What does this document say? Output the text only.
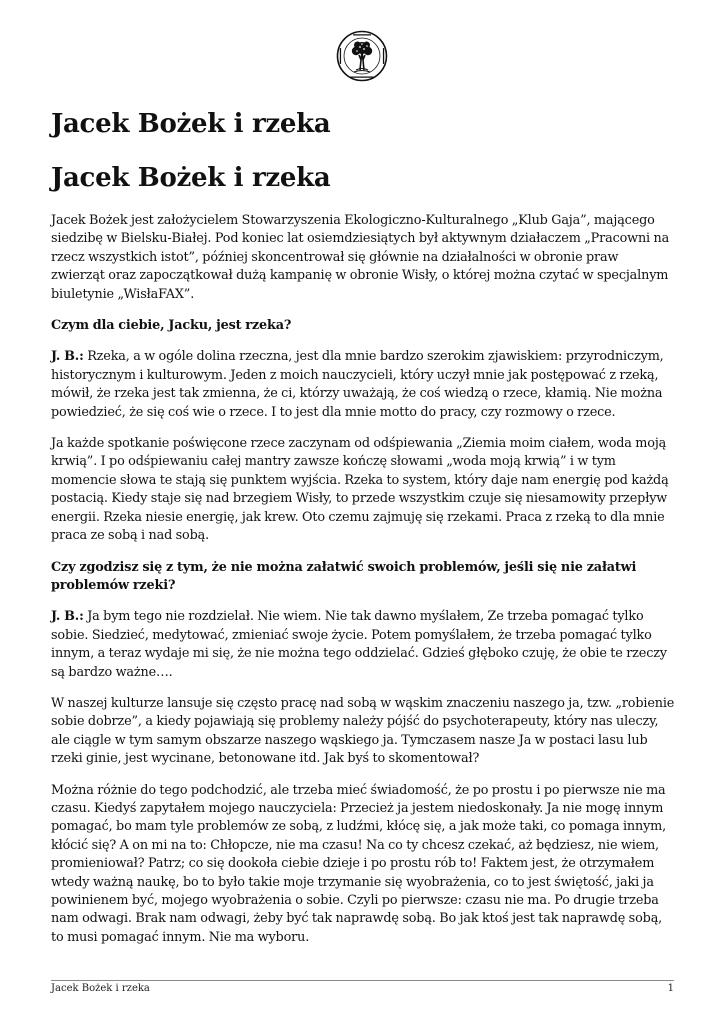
Jacek Bożek i rzeka
Jacek Bożek i rzeka

Jacek Bożek jest założycielem Stowarzyszenia Ekologiczno-Kulturalnego „Klub Gaja”, mającego siedzibę w Bielsku-Białej. Pod koniec lat osiemdziesiątych był aktywnym działaczem „Pracowni na rzecz wszystkich istot”, później skoncentrował się głównie na działalności w obronie praw zwierząt oraz zapoczątkował dużą kampanię w obronie Wisły, o której można czytać w specjalnym biuletynie „WisłaFAX”.

Czym dla ciebie, Jacku, jest rzeka?

J. B.: Rzeka, a w ogóle dolina rzeczna, jest dla mnie bardzo szerokim zjawiskiem: przyrodniczym, historycznym i kulturowym. Jeden z moich nauczycieli, który uczył mnie jak postępować z rzeką, mówił, że rzeka jest tak zmienna, że ci, którzy uważają, że coś wiedzą o rzece, kłamią. Nie można powiedzieć, że się coś wie o rzece. I to jest dla mnie motto do pracy, czy rozmowy o rzece.

Ja każde spotkanie poświęcone rzece zaczynam od odśpiewania „Ziemia moim ciałem, woda moją krwią”. I po odśpiewaniu całej mantry zawsze kończę słowami „woda moją krwią” i w tym momencie słowa te stają się punktem wyjścia. Rzeka to system, który daje nam energię pod każdą postacią. Kiedy staje się nad brzegiem Wisły, to przede wszystkim czuje się niesamowity przepływ energii. Rzeka niesie energię, jak krew. Oto czemu zajmuję się rzekami. Praca z rzeką to dla mnie praca ze sobą i nad sobą.

Czy zgodzisz się z tym, że nie można załatwić swoich problemów, jeśli się nie załatwi problemów rzeki?

J. B.: Ja bym tego nie rozdzielał. Nie wiem. Nie tak dawno myślałem, Ze trzeba pomagać tylko sobie. Siedzieć, medytować, zmieniać swoje życie. Potem pomyślałem, że trzeba pomagać tylko innym, a teraz wydaje mi się, że nie można tego oddzielać. Gdzieś głęboko czuję, że obie te rzeczy są bardzo ważne….

W naszej kulturze lansuje się często pracę nad sobą w wąskim znaczeniu naszego ja, tzw. „robienie sobie dobrze”, a kiedy pojawiają się problemy należy pójść do psychoterapeuty, który nas uleczy, ale ciągle w tym samym obszarze naszego wąskiego ja. Tymczasem nasze Ja w postaci lasu lub rzeki ginie, jest wycinane, betonowane itd. Jak byś to skomentował?

Można różnie do tego podchodzić, ale trzeba mieć świadomość, że po prostu i po pierwsze nie ma czasu. Kiedyś zapytałem mojego nauczyciela: Przecież ja jestem niedoskonały. Ja nie mogę innym pomagać, bo mam tyle problemów ze sobą, z ludźmi, kłócę się, a jak może taki, co pomaga innym, kłócić się? A on mi na to: Chłopcze, nie ma czasu! Na co ty chcesz czekać, aż będziesz, nie wiem, promieniował? Patrz; co się dookoła ciebie dzieje i po prostu rób to! Faktem jest, że otrzymałem wtedy ważną naukę, bo to było takie moje trzymanie się wyobrażenia, co to jest świętość, jaki ja powinienem być, mojego wyobrażenia o sobie. Czyli po pierwsze: czasu nie ma. Po drugie trzeba nam odwagi. Brak nam odwagi, żeby być tak naprawdę sobą. Bo jak ktoś jest tak naprawdę sobą, to musi pomagać innym. Nie ma wyboru.

Jacek Bożek i rzeka	1
